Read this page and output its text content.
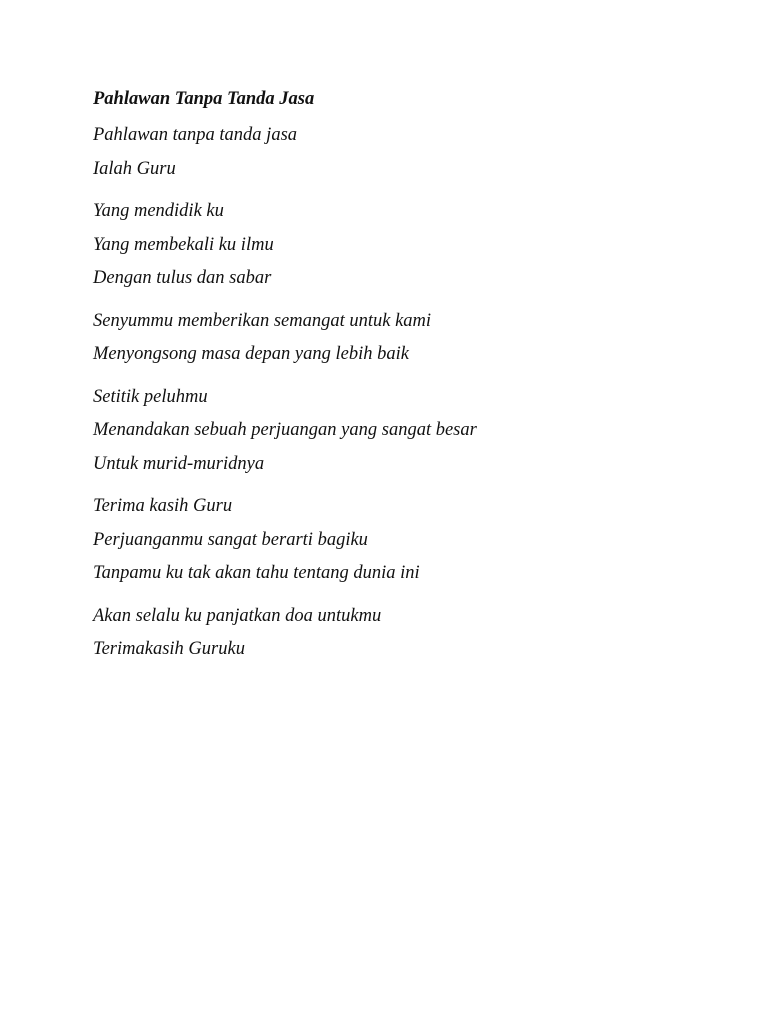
Pahlawan Tanpa Tanda Jasa
Pahlawan tanpa tanda jasa
Ialah Guru
Yang mendidik ku
Yang membekali ku ilmu
Dengan tulus dan sabar
Senyummu memberikan semangat untuk kami
Menyongsong masa depan yang lebih baik
Setitik peluhmu
Menandakan sebuah perjuangan yang sangat besar
Untuk murid-muridnya
Terima kasih Guru
Perjuanganmu sangat berarti bagiku
Tanpamu ku tak akan tahu tentang dunia ini
Akan selalu ku panjatkan doa untukmu
Terimakasih Guruku
